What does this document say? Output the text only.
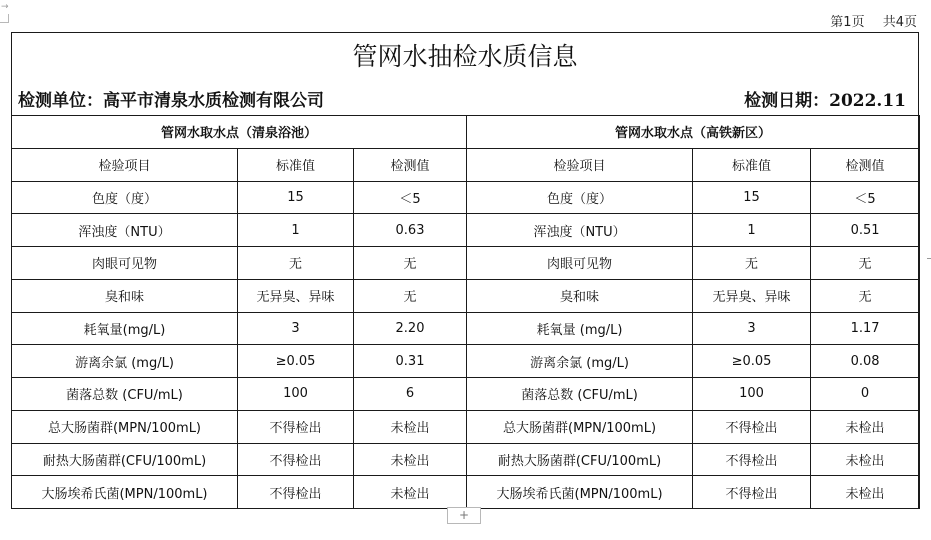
→
第1页 共4页
管网水抽检水质信息
检测单位：高平市清泉水质检测有限公司	检测日期：2022.11
管网水取水点（清泉浴池）			管网水取水点（高铁新区）		
检验项目	标准值	检测值	检验项目	标准值	检测值
色度（度）	15	＜5	色度（度）	15	＜5
浑浊度（NTU）	1	0.63	浑浊度（NTU）	1	0.51
肉眼可见物	无	无	肉眼可见物	无	无
臭和味	无异臭、异味	无	臭和味	无异臭、异味	无
耗氧量(mg/L)	3	2.20	耗氧量 (mg/L)	3	1.17
游离余氯 (mg/L)	≥0.05	0.31	游离余氯 (mg/L)	≥0.05	0.08
菌落总数 (CFU/mL)	100	6	菌落总数 (CFU/mL)	100	0
总大肠菌群(MPN/100mL)	不得检出	未检出	总大肠菌群(MPN/100mL)	不得检出	未检出
耐热大肠菌群(CFU/100mL)	不得检出	未检出	耐热大肠菌群(CFU/100mL)	不得检出	未检出
大肠埃希氏菌(MPN/100mL)	不得检出	未检出	大肠埃希氏菌(MPN/100mL)	不得检出	未检出
+
